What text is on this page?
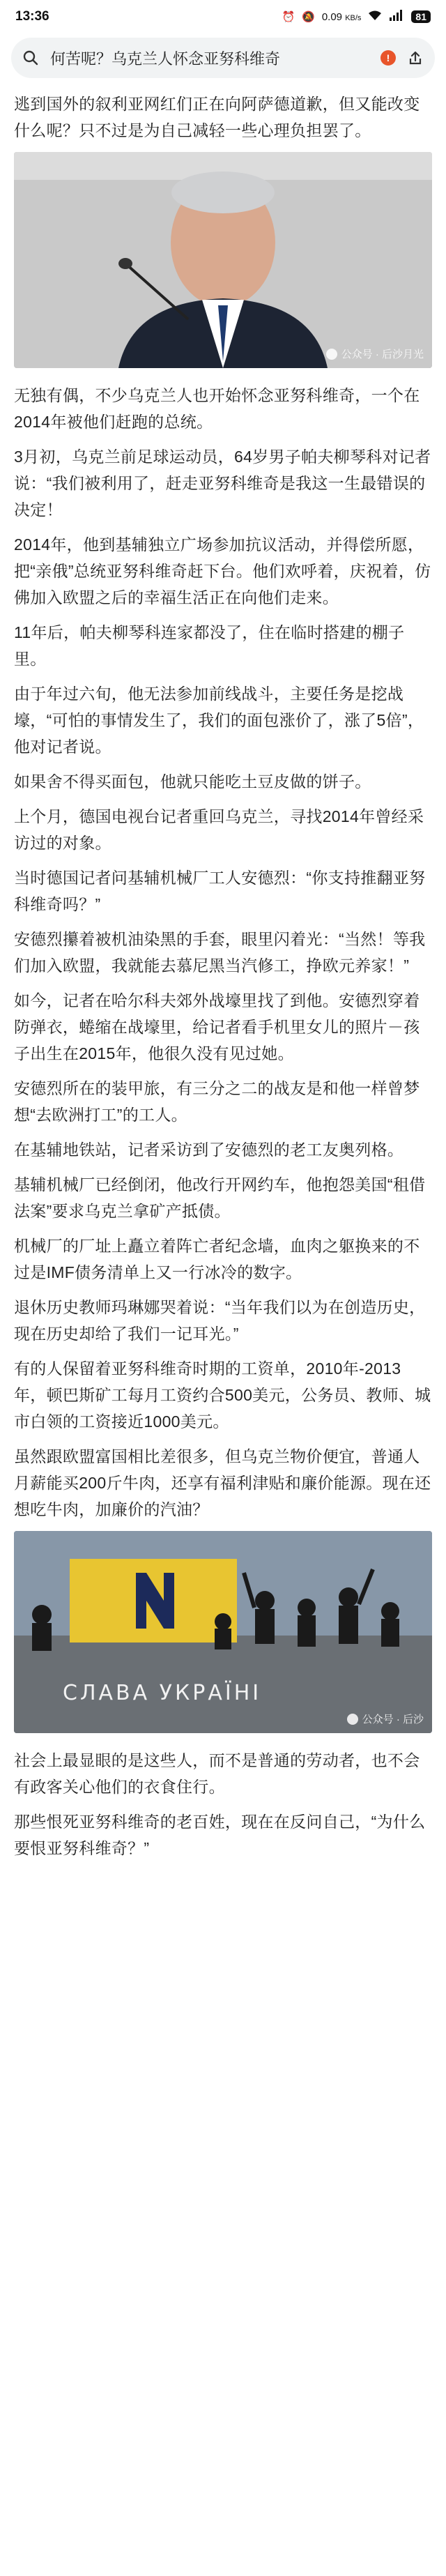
13:36	⏰ 🔕 0.09 KB/s	81
何苦呢？乌克兰人怀念亚努科维奇	!

逃到国外的叙利亚网红们正在向阿萨德道歉，但又能改变什么呢？只不过是为自己减轻一些心理负担罢了。

公众号 · 后沙月光

无独有偶，不少乌克兰人也开始怀念亚努科维奇，一个在2014年被他们赶跑的总统。

3月初，乌克兰前足球运动员，64岁男子帕夫柳琴科对记者说：“我们被利用了，赶走亚努科维奇是我这一生最错误的决定！

2014年，他到基辅独立广场参加抗议活动，并得偿所愿，把“亲俄”总统亚努科维奇赶下台。他们欢呼着，庆祝着，仿佛加入欧盟之后的幸福生活正在向他们走来。

11年后，帕夫柳琴科连家都没了，住在临时搭建的棚子里。

由于年过六旬，他无法参加前线战斗，主要任务是挖战壕，“可怕的事情发生了，我们的面包涨价了，涨了5倍”，他对记者说。

如果舍不得买面包，他就只能吃土豆皮做的饼子。

上个月，德国电视台记者重回乌克兰，寻找2014年曾经采访过的对象。

当时德国记者问基辅机械厂工人安德烈：“你支持推翻亚努科维奇吗？”

安德烈攥着被机油染黑的手套，眼里闪着光：“当然！等我们加入欧盟，我就能去慕尼黑当汽修工，挣欧元养家！”

如今，记者在哈尔科夫郊外战壕里找了到他。安德烈穿着防弹衣，蜷缩在战壕里，给记者看手机里女儿的照片－孩子出生在2015年，他很久没有见过她。

安德烈所在的装甲旅，有三分之二的战友是和他一样曾梦想“去欧洲打工”的工人。

在基辅地铁站，记者采访到了安德烈的老工友奥列格。

基辅机械厂已经倒闭，他改行开网约车，他抱怨美国“租借法案”要求乌克兰拿矿产抵债。

机械厂的厂址上矗立着阵亡者纪念墙，血肉之躯换来的不过是IMF债务清单上又一行冰冷的数字。

退休历史教师玛琳娜哭着说：“当年我们以为在创造历史，现在历史却给了我们一记耳光。”

有的人保留着亚努科维奇时期的工资单，2010年-2013年，顿巴斯矿工每月工资约合500美元，公务员、教师、城市白领的工资接近1000美元。

虽然跟欧盟富国相比差很多，但乌克兰物价便宜，普通人月薪能买200斤牛肉，还享有福利津贴和廉价能源。现在还想吃牛肉，加廉价的汽油？

СЛАВА УКРАЇНІ
公众号 · 后沙

社会上最显眼的是这些人，而不是普通的劳动者，也不会有政客关心他们的衣食住行。

那些恨死亚努科维奇的老百姓，现在在反问自己，“为什么要恨亚努科维奇？”
